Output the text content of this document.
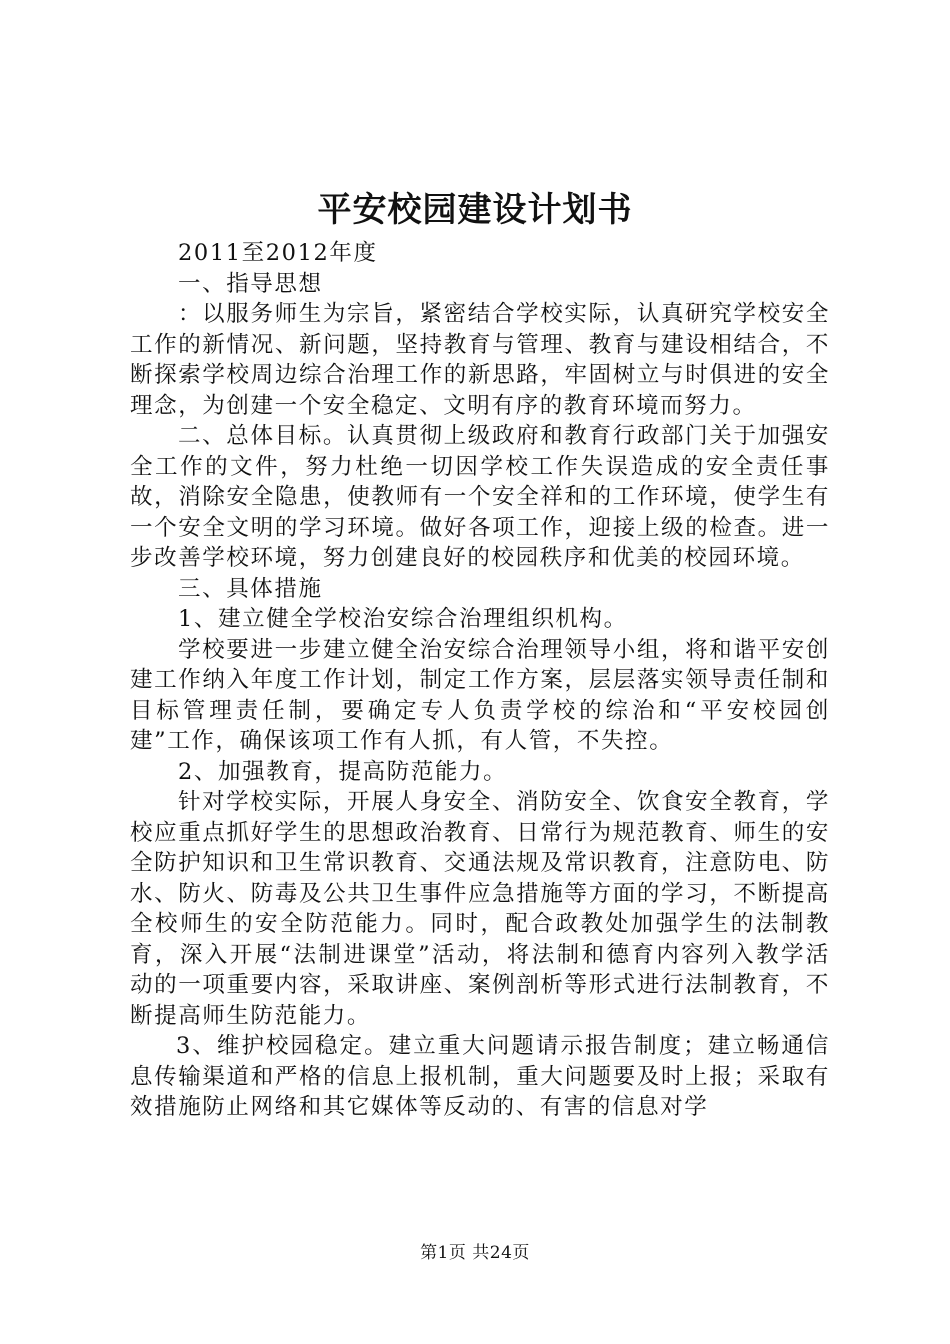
平安校园建设计划书

2011至2012年度

一、指导思想

：以服务师生为宗旨，紧密结合学校实际，认真研究学校安全工作的新情况、新问题，坚持教育与管理、教育与建设相结合，不断探索学校周边综合治理工作的新思路，牢固树立与时俱进的安全理念，为创建一个安全稳定、文明有序的教育环境而努力。

二、总体目标。认真贯彻上级政府和教育行政部门关于加强安全工作的文件，努力杜绝一切因学校工作失误造成的安全责任事故，消除安全隐患，使教师有一个安全祥和的工作环境，使学生有一个安全文明的学习环境。做好各项工作，迎接上级的检查。进一步改善学校环境，努力创建良好的校园秩序和优美的校园环境。

三、具体措施

1、建立健全学校治安综合治理组织机构。

学校要进一步建立健全治安综合治理领导小组，将和谐平安创建工作纳入年度工作计划，制定工作方案，层层落实领导责任制和目标管理责任制，要确定专人负责学校的综治和“平安校园创建”工作，确保该项工作有人抓，有人管，不失控。

2、加强教育，提高防范能力。

针对学校实际，开展人身安全、消防安全、饮食安全教育，学校应重点抓好学生的思想政治教育、日常行为规范教育、师生的安全防护知识和卫生常识教育、交通法规及常识教育，注意防电、防水、防火、防毒及公共卫生事件应急措施等方面的学习，不断提高全校师生的安全防范能力。同时，配合政教处加强学生的法制教育，深入开展“法制进课堂”活动，将法制和德育内容列入教学活动的一项重要内容，采取讲座、案例剖析等形式进行法制教育，不断提高师生防范能力。

3、维护校园稳定。建立重大问题请示报告制度；建立畅通信息传输渠道和严格的信息上报机制，重大问题要及时上报；采取有效措施防止网络和其它媒体等反动的、有害的信息对学

第1页 共24页
